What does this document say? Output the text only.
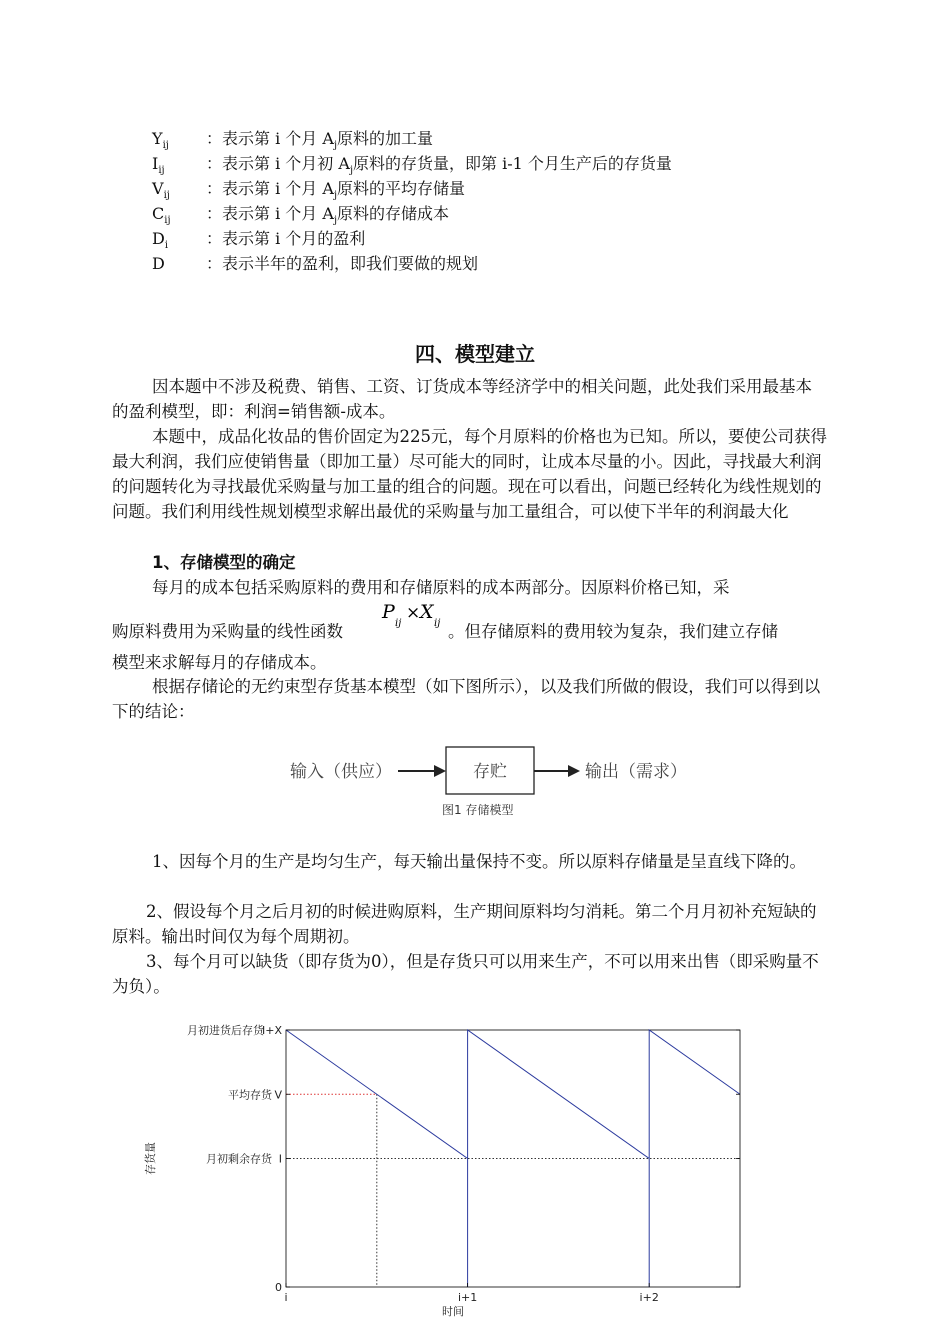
$Y_{ij}$ ：表示第 i 个月 $A_j$原料的加工量
$I_{ij}$	：表示第 i 个月初 $A_j$原料的存货量，即第 i-1 个月生产后的存货量
$V_{ij}$ ：表示第 i 个月 $A_j$原料的平均存储量
$C_{ij}$ ：表示第 i 个月 $A_j$原料的存储成本
$D_i$ ：表示第 i 个月的盈利
D	：表示半年的盈利，即我们要做的规划
四、模型建立
因本题中不涉及税费、销售、工资、订货成本等经济学中的相关问题，此处我们采用最基本的盈利模型，即：利润=销售额-成本。
本题中，成品化妆品的售价固定为225元，每个月原料的价格也为已知。所以，要使公司获得最大利润，我们应使销售量（即加工量）尽可能大的同时，让成本尽量的小。因此，寻找最大利润的问题转化为寻找最优采购量与加工量的组合的问题。现在可以看出，问题已经转化为线性规划的问题。我们利用线性规划模型求解出最优的采购量与加工量组合，可以使下半年的利润最大化
1、存储模型的确定
每月的成本包括采购原料的费用和存储原料的成本两部分。因原料价格已知，采
购原料费用为采购量的线性函数
P
ij
× X
ij 。但存储原料的费用较为复杂，我们建立存储
模型来求解每月的存储成本。
根据存储论的无约束型存货基本模型（如下图所示），以及我们所做的假设，我们可以得到以下的结论：
输入（供应）	存贮	输出（需求）
图1 存储模型
1、因每个月的生产是均匀生产，每天输出量保持不变。所以原料存储量是呈直线下降的。
2、假设每个月之后月初的时候进购原料，生产期间原料均匀消耗。第二个月月初补充短缺的原料。输出时间仅为每个周期初。
3、每个月可以缺货（即存货为0），但是存货只可以用来生产，不可以用来出售（即采购量不为负）。
0
I
月初剩余存货
V
平均存货
I+X
月初进货后存货
i	i+1	i+2
时间
存货量
